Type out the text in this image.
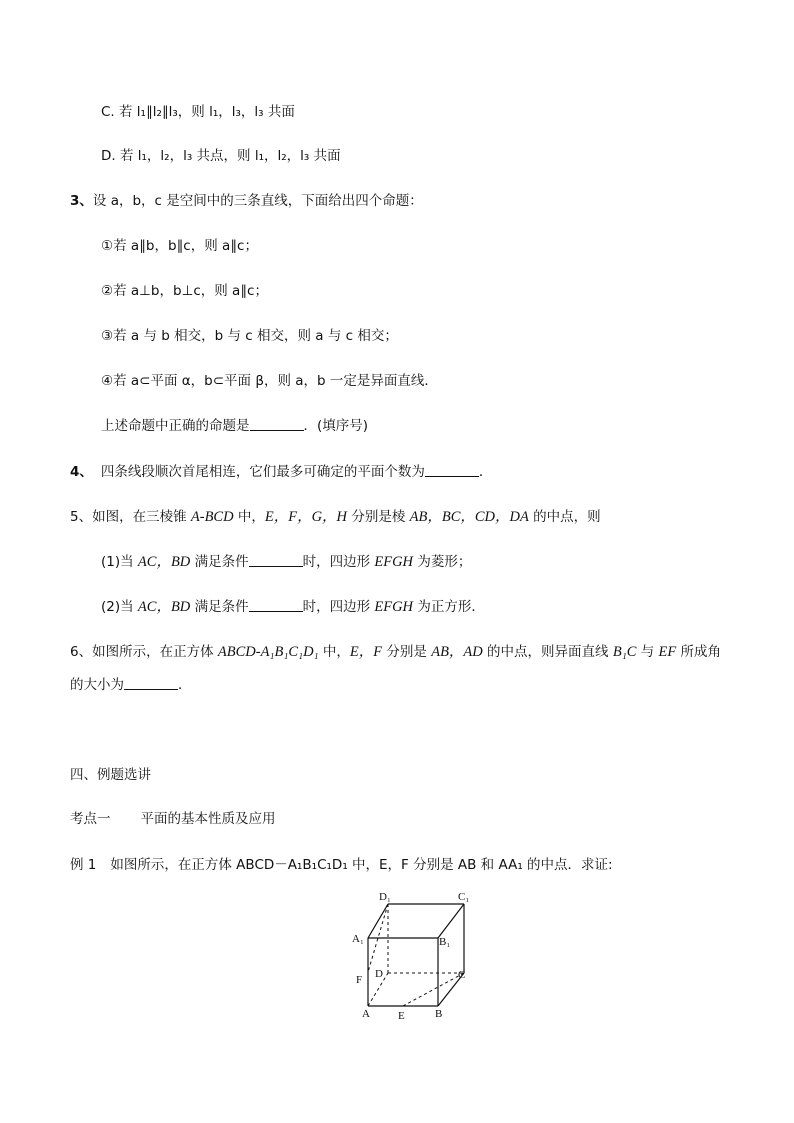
C. 若 l₁∥l₂∥l₃，则 l₁，l₃，l₃ 共面
D. 若 l₁，l₂，l₃ 共点，则 l₁，l₂，l₃ 共面
3、设 a，b，c 是空间中的三条直线，下面给出四个命题：
①若 a∥b，b∥c，则 a∥c；
②若 a⊥b，b⊥c，则 a∥c；
③若 a 与 b 相交，b 与 c 相交，则 a 与 c 相交；
④若 a⊂平面 α，b⊂平面 β，则 a，b 一定是异面直线．
上述命题中正确的命题是	．(填序号)
4、 四条线段顺次首尾相连，它们最多可确定的平面个数为	．
5、如图，在三棱锥 A-BCD 中，E，F，G，H 分别是棱 AB，BC，CD，DA 的中点，则
(1)当 AC，BD 满足条件	时，四边形 EFGH 为菱形；
(2)当 AC，BD 满足条件	时，四边形 EFGH 为正方形．
6、如图所示，在正方体 ABCD-A₁B₁C₁D₁ 中，E，F 分别是 AB，AD 的中点，则异面直线 B₁C 与 EF 所成角
的大小为	．
四、例题选讲
考点一 平面的基本性质及应用
例 1 如图所示，在正方体 ABCD－A₁B₁C₁D₁ 中，E，F 分别是 AB 和 AA₁ 的中点．求证:
D₁	C₁
A₁	B₁
D	C
F
A	E	B
